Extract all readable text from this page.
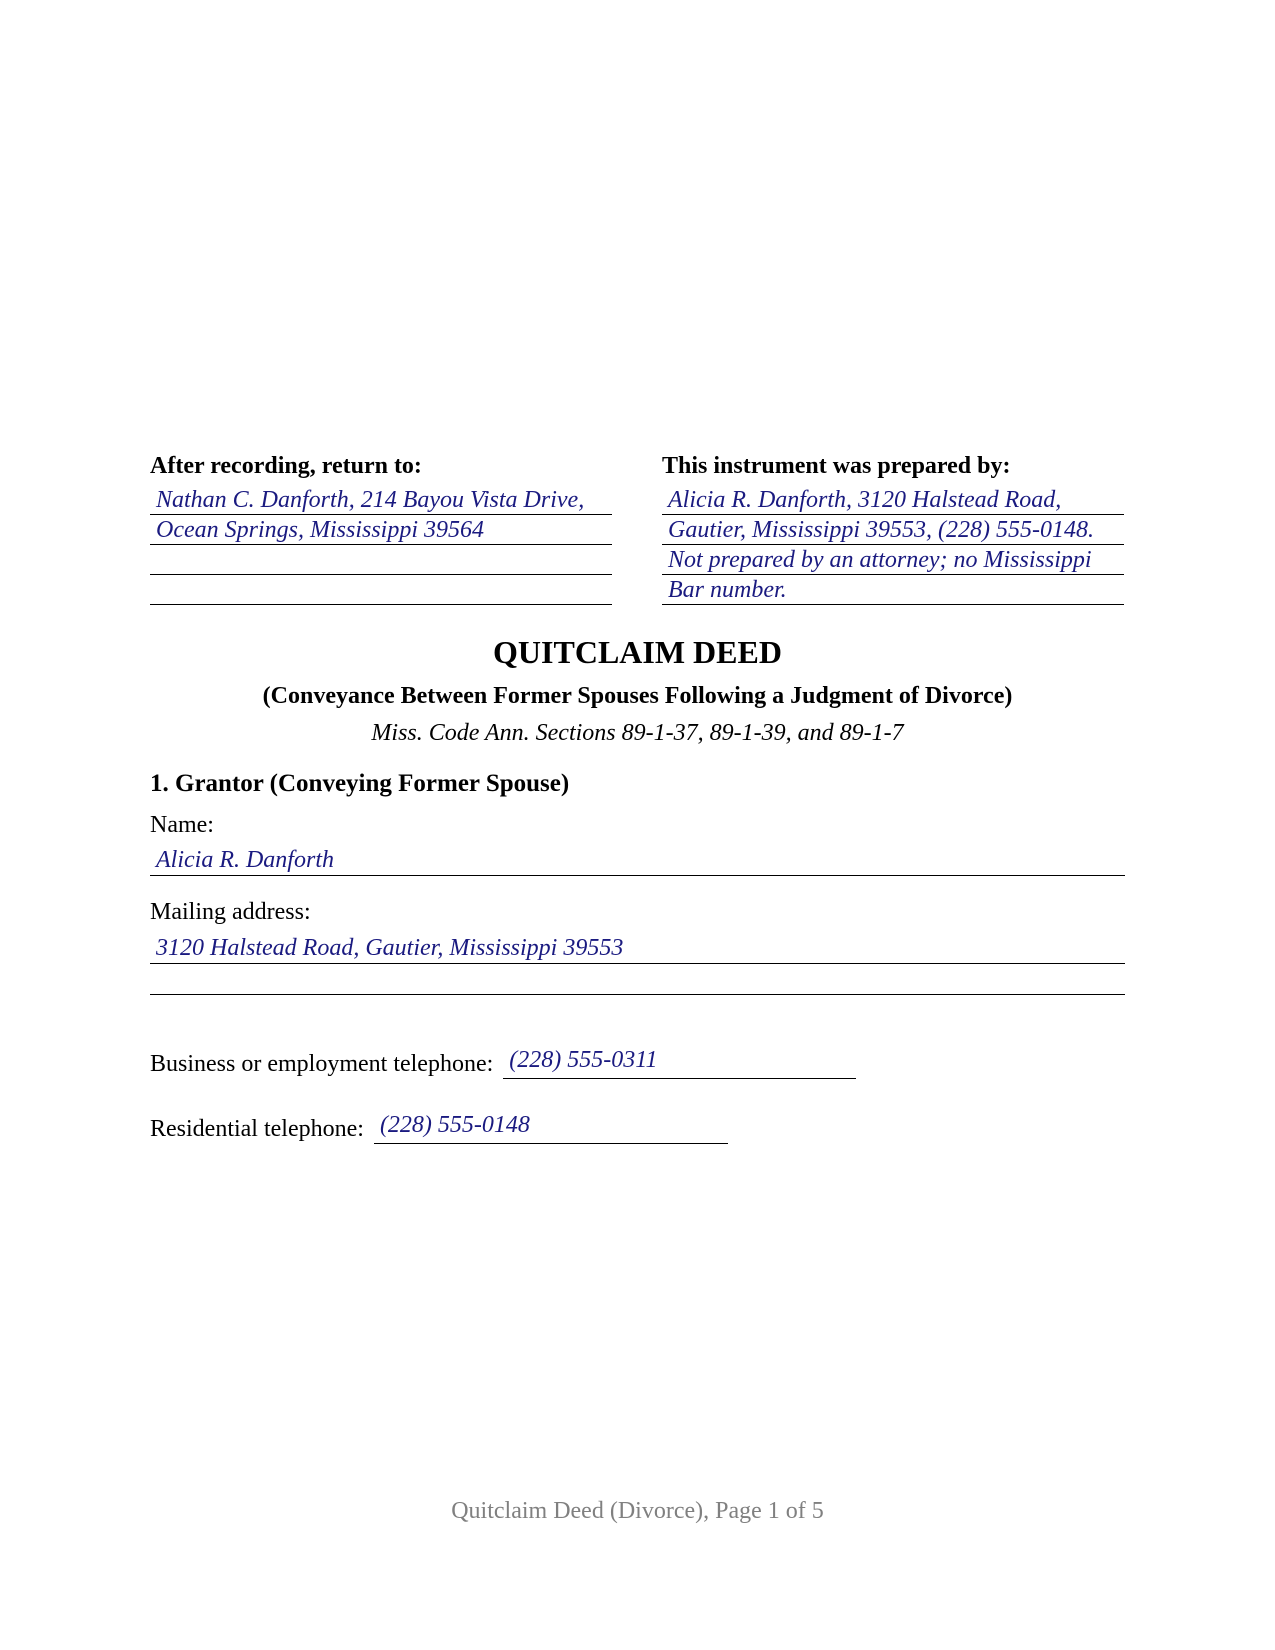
After recording, return to:
Nathan C. Danforth, 214 Bayou Vista Drive,
Ocean Springs, Mississippi 39564
This instrument was prepared by:
Alicia R. Danforth, 3120 Halstead Road,
Gautier, Mississippi 39553, (228) 555-0148.
Not prepared by an attorney; no Mississippi
Bar number.
QUITCLAIM DEED
(Conveyance Between Former Spouses Following a Judgment of Divorce)
Miss. Code Ann. Sections 89-1-37, 89-1-39, and 89-1-7
1. Grantor (Conveying Former Spouse)
Name:
Alicia R. Danforth
Mailing address:
3120 Halstead Road, Gautier, Mississippi 39553
Business or employment telephone: (228) 555-0311
Residential telephone: (228) 555-0148
Quitclaim Deed (Divorce), Page 1 of 5
